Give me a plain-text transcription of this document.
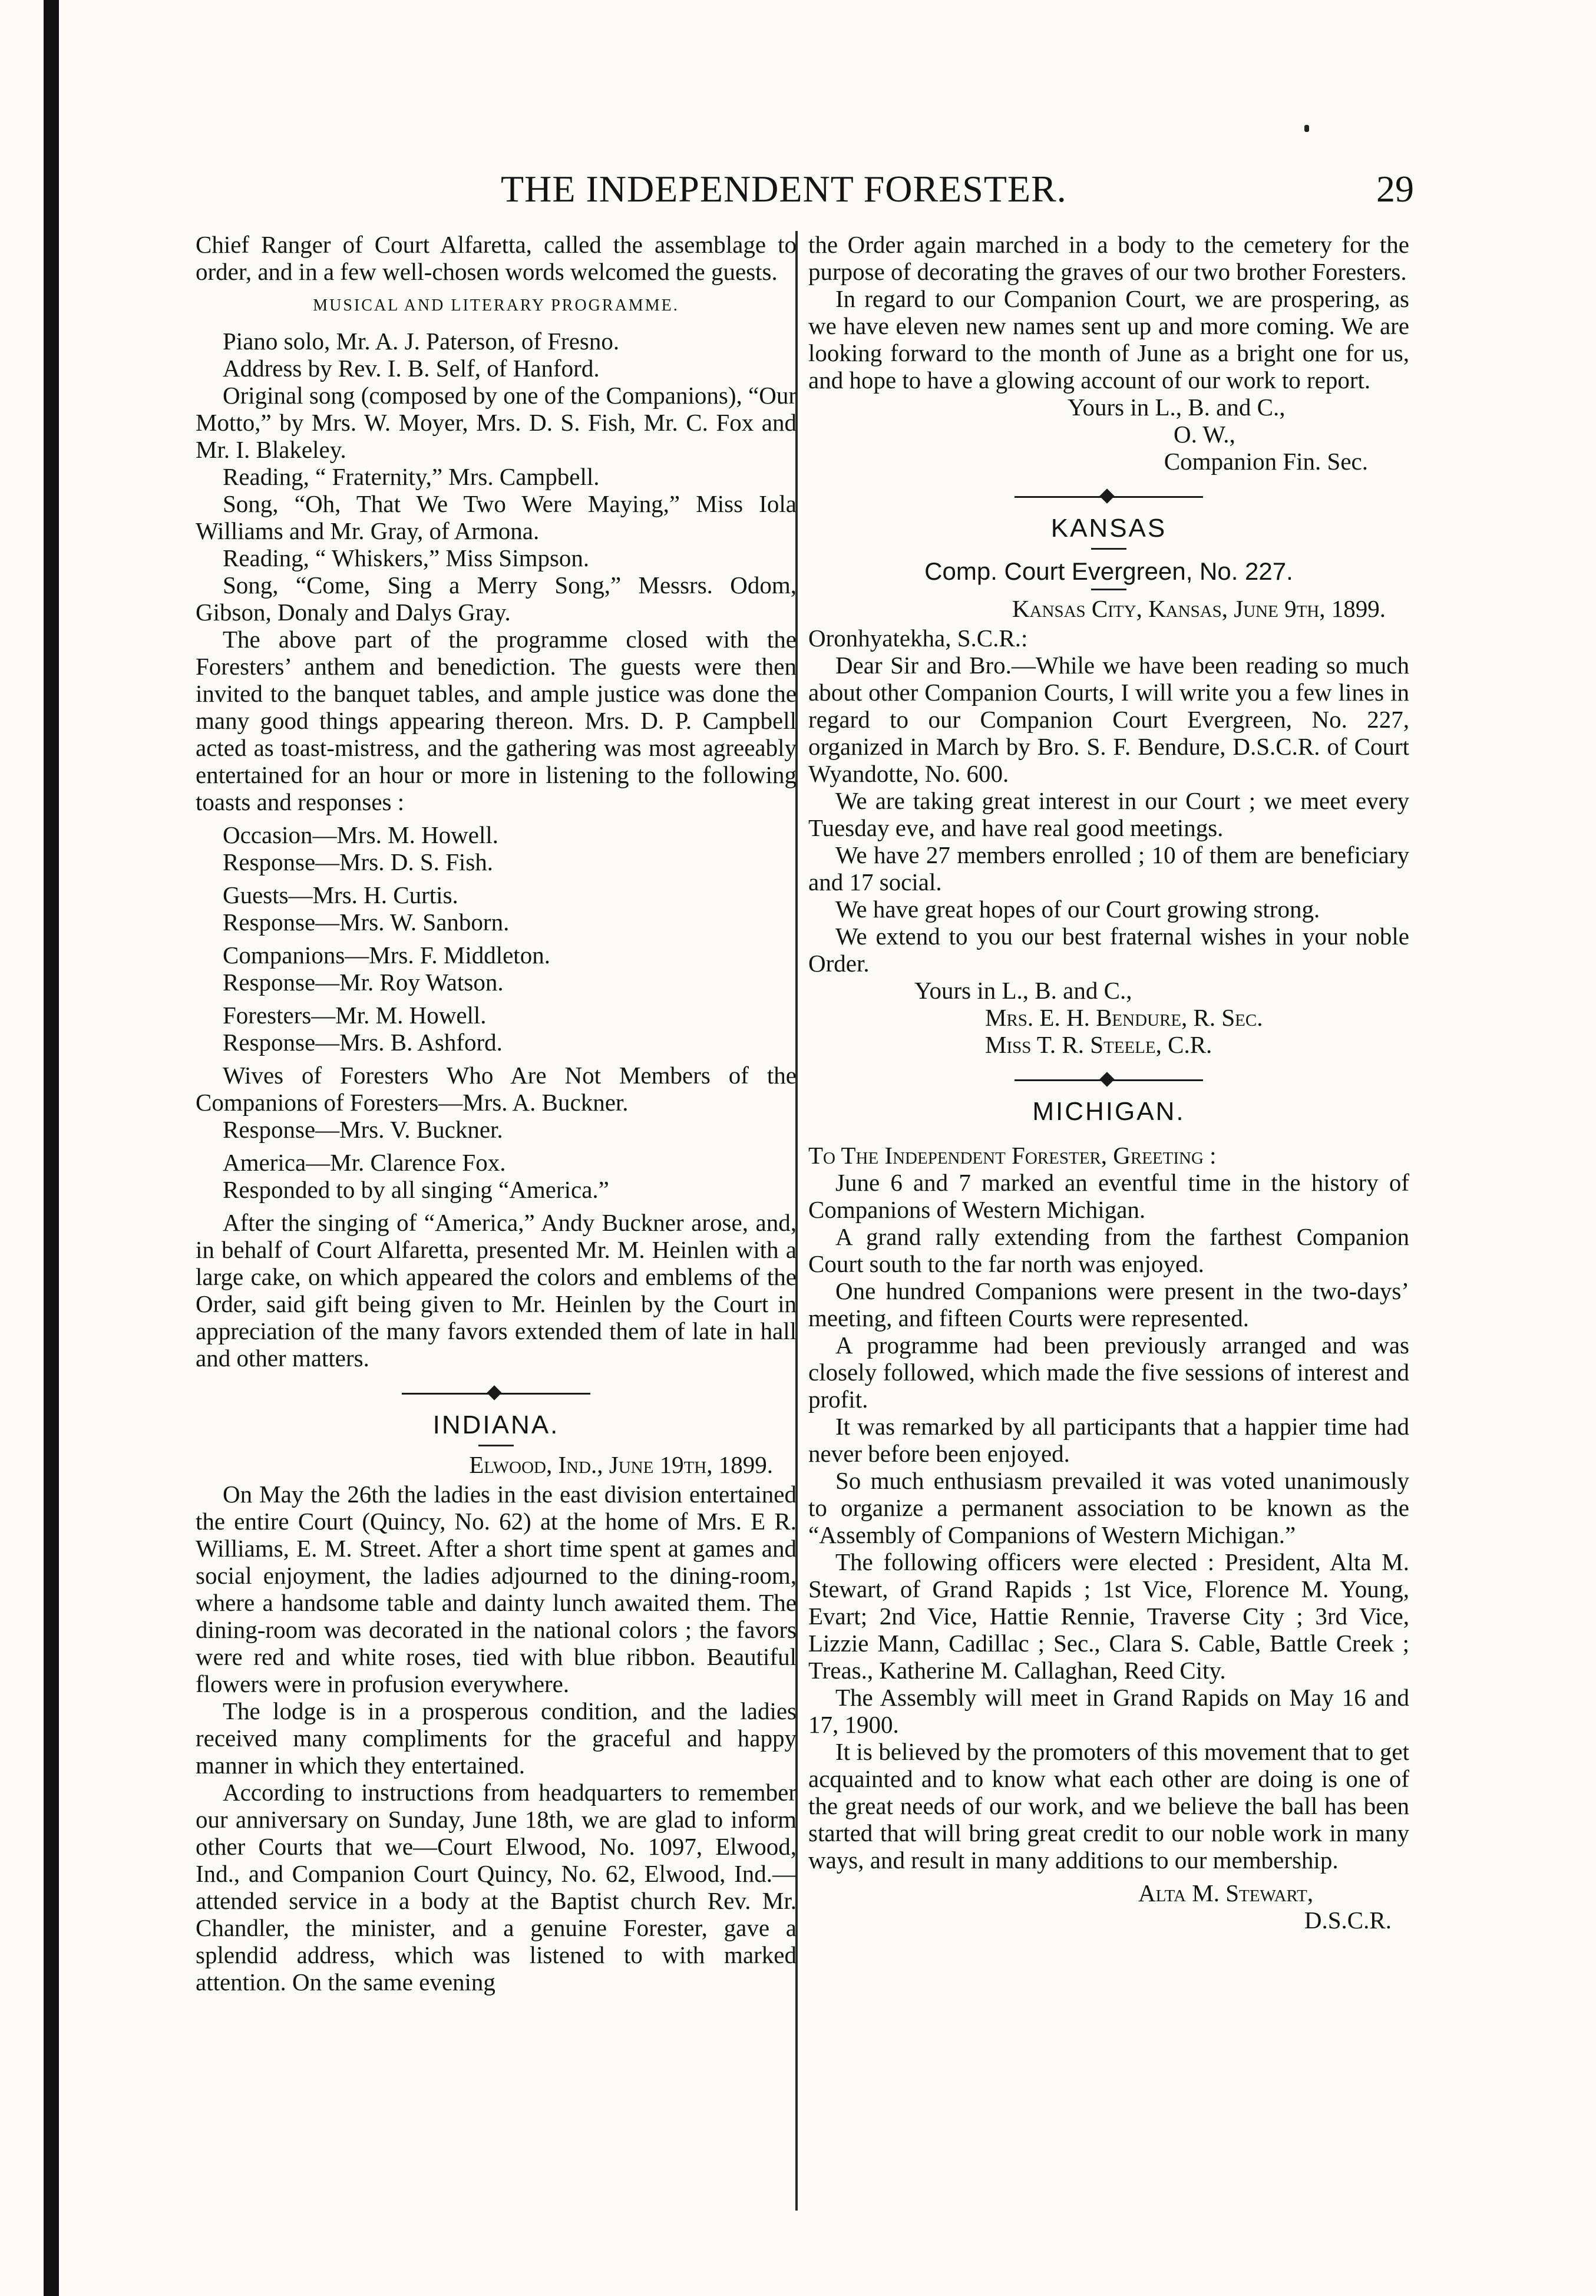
THE INDEPENDENT FORESTER.	29

Chief Ranger of Court Alfaretta, called the assemblage to order, and in a few well-chosen words welcomed the guests.

MUSICAL AND LITERARY PROGRAMME.

Piano solo, Mr. A. J. Paterson, of Fresno.

Address by Rev. I. B. Self, of Hanford.

Original song (composed by one of the Companions), “Our Motto,” by Mrs. W. Moyer, Mrs. D. S. Fish, Mr. C. Fox and Mr. I. Blakeley.

Reading, “ Fraternity,” Mrs. Campbell.

Song, “Oh, That We Two Were Maying,” Miss Iola Williams and Mr. Gray, of Armona.

Reading, “ Whiskers,” Miss Simpson.

Song, “Come, Sing a Merry Song,” Messrs. Odom, Gibson, Donaly and Dalys Gray.

The above part of the programme closed with the Foresters’ anthem and benediction. The guests were then invited to the banquet tables, and ample justice was done the many good things appearing thereon. Mrs. D. P. Campbell acted as toast-mistress, and the gathering was most agreeably entertained for an hour or more in listening to the following toasts and responses :

Occasion—Mrs. M. Howell.

Response—Mrs. D. S. Fish.

Guests—Mrs. H. Curtis.

Response—Mrs. W. Sanborn.

Companions—Mrs. F. Middleton.

Response—Mr. Roy Watson.

Foresters—Mr. M. Howell.

Response—Mrs. B. Ashford.

Wives of Foresters Who Are Not Members of the Companions of Foresters—Mrs. A. Buckner.

Response—Mrs. V. Buckner.

America—Mr. Clarence Fox.

Responded to by all singing “America.”

After the singing of “America,” Andy Buckner arose, and, in behalf of Court Alfaretta, presented Mr. M. Heinlen with a large cake, on which appeared the colors and emblems of the Order, said gift being given to Mr. Heinlen by the Court in appreciation of the many favors extended them of late in hall and other matters.

INDIANA.
Elwood, Ind., June 19th, 1899.

On May the 26th the ladies in the east division entertained the entire Court (Quincy, No. 62) at the home of Mrs. E R. Williams, E. M. Street. After a short time spent at games and social enjoyment, the ladies adjourned to the dining-room, where a handsome table and dainty lunch awaited them. The dining-room was decorated in the national colors ; the favors were red and white roses, tied with blue ribbon. Beautiful flowers were in profusion everywhere.

The lodge is in a prosperous condition, and the ladies received many compliments for the graceful and happy manner in which they entertained.

According to instructions from headquarters to remember our anniversary on Sunday, June 18th, we are glad to inform other Courts that we—Court Elwood, No. 1097, Elwood, Ind., and Companion Court Quincy, No. 62, Elwood, Ind.—attended service in a body at the Baptist church Rev. Mr. Chandler, the minister, and a genuine Forester, gave a splendid address, which was listened to with marked attention. On the same evening

the Order again marched in a body to the cemetery for the purpose of decorating the graves of our two brother Foresters.

In regard to our Companion Court, we are prospering, as we have eleven new names sent up and more coming. We are looking forward to the month of June as a bright one for us, and hope to have a glowing account of our work to report.

Yours in L., B. and C.,

O. W.,

Companion Fin. Sec.

KANSAS
Comp. Court Evergreen, No. 227.
Kansas City, Kansas, June 9th, 1899.

Oronhyatekha, S.C.R.:

Dear Sir and Bro.—While we have been reading so much about other Companion Courts, I will write you a few lines in regard to our Companion Court Evergreen, No. 227, organized in March by Bro. S. F. Bendure, D.S.C.R. of Court Wyandotte, No. 600.

We are taking great interest in our Court ; we meet every Tuesday eve, and have real good meetings.

We have 27 members enrolled ; 10 of them are beneficiary and 17 social.

We have great hopes of our Court growing strong.

We extend to you our best fraternal wishes in your noble Order.

Yours in L., B. and C.,

Mrs. E. H. Bendure, R. Sec.

Miss T. R. Steele, C.R.

MICHIGAN.

To The Independent Forester, Greeting :

June 6 and 7 marked an eventful time in the history of Companions of Western Michigan.

A grand rally extending from the farthest Companion Court south to the far north was enjoyed.

One hundred Companions were present in the two-days’ meeting, and fifteen Courts were represented.

A programme had been previously arranged and was closely followed, which made the five sessions of interest and profit.

It was remarked by all participants that a happier time had never before been enjoyed.

So much enthusiasm prevailed it was voted unanimously to organize a permanent association to be known as the “Assembly of Companions of Western Michigan.”

The following officers were elected : President, Alta M. Stewart, of Grand Rapids ; 1st Vice, Florence M. Young, Evart; 2nd Vice, Hattie Rennie, Traverse City ; 3rd Vice, Lizzie Mann, Cadillac ; Sec., Clara S. Cable, Battle Creek ; Treas., Katherine M. Callaghan, Reed City.

The Assembly will meet in Grand Rapids on May 16 and 17, 1900.

It is believed by the promoters of this movement that to get acquainted and to know what each other are doing is one of the great needs of our work, and we believe the ball has been started that will bring great credit to our noble work in many ways, and result in many additions to our membership.

Alta M. Stewart,

D.S.C.R.
